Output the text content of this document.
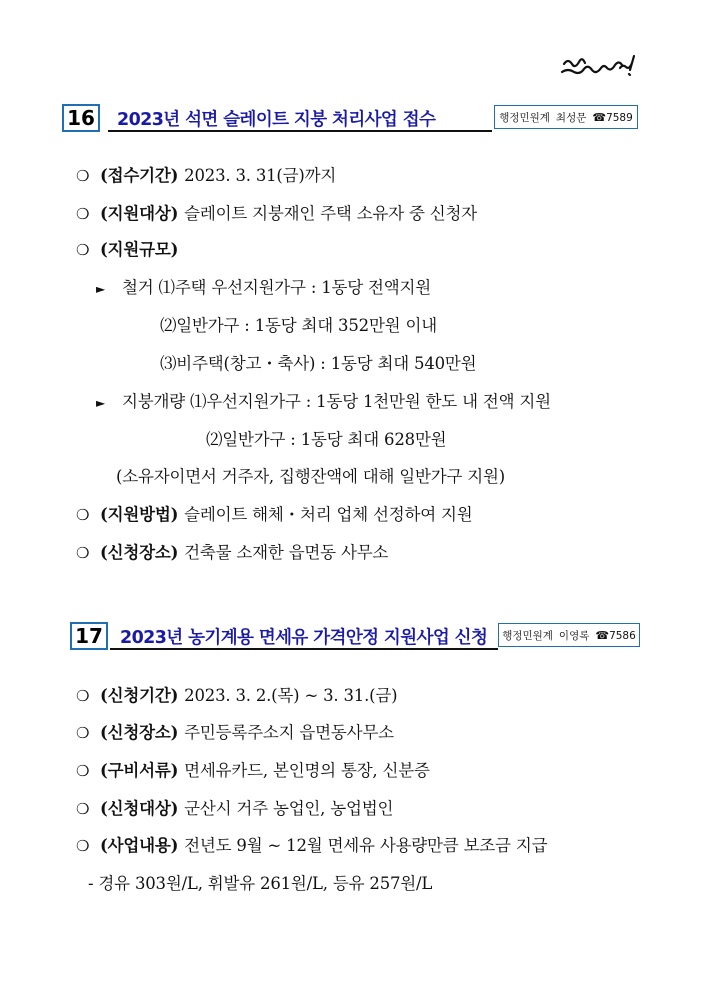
16 2023년 석면 슬레이트 지붕 처리사업 접수	행정민원계 최성문 ☎7589
❍ (접수기간) 2023. 3. 31(금)까지
❍ (지원대상) 슬레이트 지붕재인 주택 소유자 중 신청자
❍ (지원규모)
► 철거 ⑴주택 우선지원가구 : 1동당 전액지원
⑵일반가구 : 1동당 최대 352만원 이내
⑶비주택(창고・축사) : 1동당 최대 540만원
► 지붕개량 ⑴우선지원가구 : 1동당 1천만원 한도 내 전액 지원
⑵일반가구 : 1동당 최대 628만원
(소유자이면서 거주자, 집행잔액에 대해 일반가구 지원)
❍ (지원방법) 슬레이트 해체・처리 업체 선정하여 지원
❍ (신청장소) 건축물 소재한 읍면동 사무소
17 2023년 농기계용 면세유 가격안정 지원사업 신청 행정민원계 이영록 ☎7586
❍ (신청기간) 2023. 3. 2.(목) ~ 3. 31.(금)
❍ (신청장소) 주민등록주소지 읍면동사무소
❍ (구비서류) 면세유카드, 본인명의 통장, 신분증
❍ (신청대상) 군산시 거주 농업인, 농업법인
❍ (사업내용) 전년도 9월 ~ 12월 면세유 사용량만큼 보조금 지급
- 경유 303원/L, 휘발유 261원/L, 등유 257원/L
